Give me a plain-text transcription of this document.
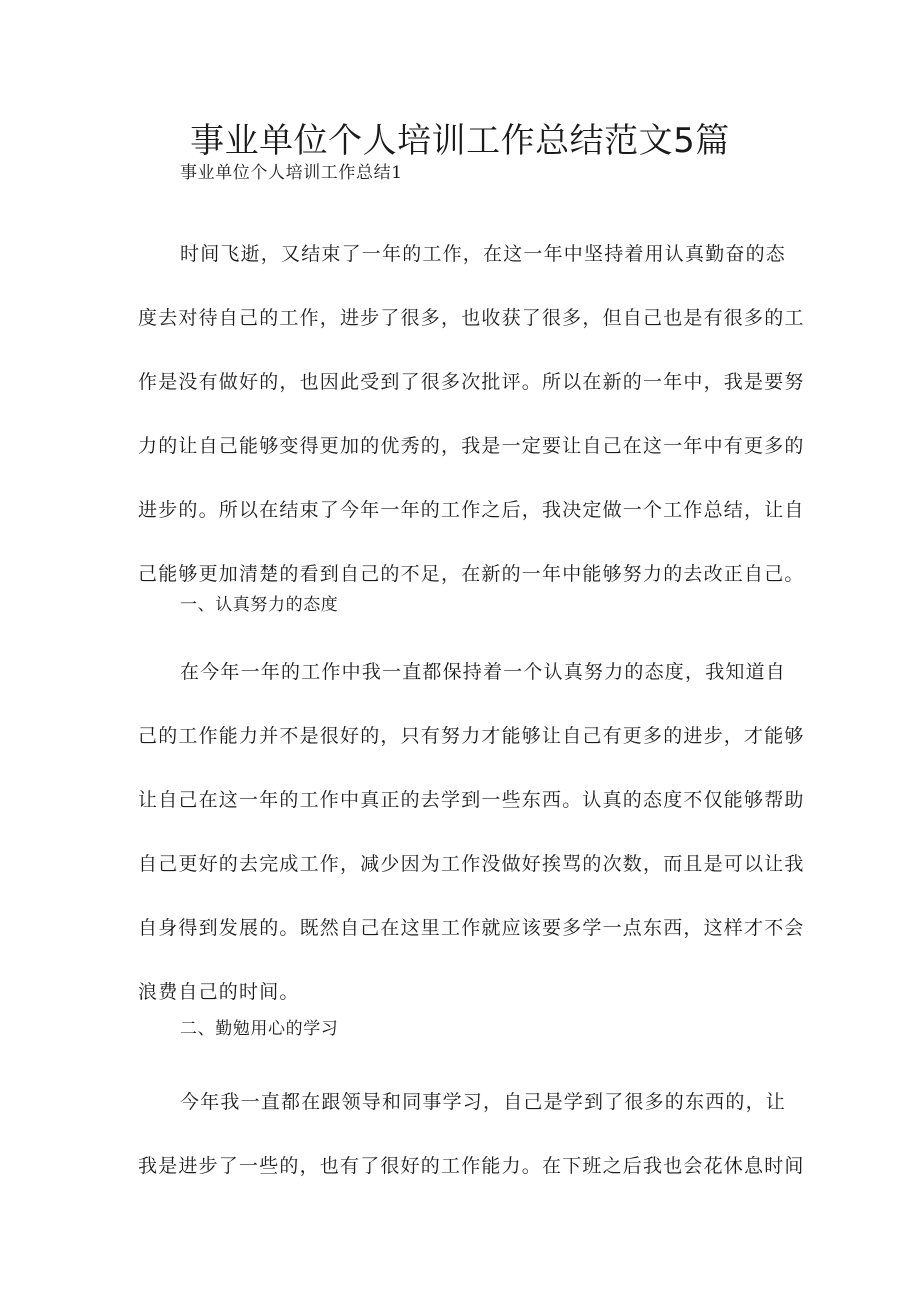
事业单位个人培训工作总结范文5篇

事业单位个人培训工作总结1

时间飞逝，又结束了一年的工作，在这一年中坚持着用认真勤奋的态
度去对待自己的工作，进步了很多，也收获了很多，但自己也是有很多的工
作是没有做好的，也因此受到了很多次批评。所以在新的一年中，我是要努
力的让自己能够变得更加的优秀的，我是一定要让自己在这一年中有更多的
进步的。所以在结束了今年一年的工作之后，我决定做一个工作总结，让自
己能够更加清楚的看到自己的不足，在新的一年中能够努力的去改正自己。

一、认真努力的态度

在今年一年的工作中我一直都保持着一个认真努力的态度，我知道自
己的工作能力并不是很好的，只有努力才能够让自己有更多的进步，才能够
让自己在这一年的工作中真正的去学到一些东西。认真的态度不仅能够帮助
自己更好的去完成工作，减少因为工作没做好挨骂的次数，而且是可以让我
自身得到发展的。既然自己在这里工作就应该要多学一点东西，这样才不会
浪费自己的时间。

二、勤勉用心的学习

今年我一直都在跟领导和同事学习，自己是学到了很多的东西的，让
我是进步了一些的，也有了很好的工作能力。在下班之后我也会花休息时间
